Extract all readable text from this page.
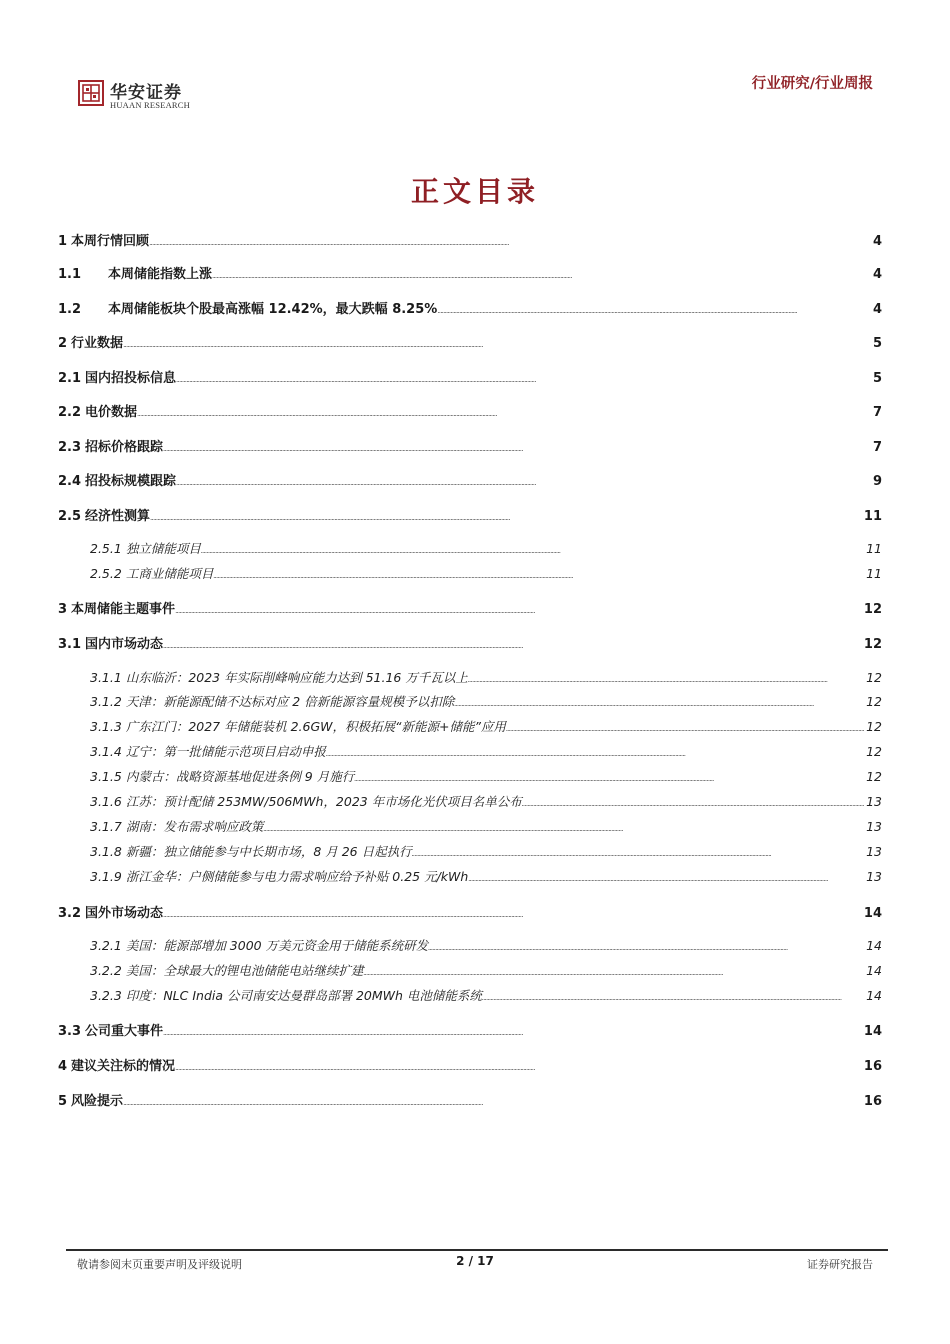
华安证券
HUAAN RESEARCH
行业研究/行业周报
正文目录
1 本周行情回顾 . . .	4
1.1	本周储能指数上涨 . . .	4
1.2	本周储能板块个股最高涨幅 12.42%，最大跌幅 8.25% . . .	4
2 行业数据 . . .	5
2.1 国内招投标信息 . . .	5
2.2 电价数据 . . .	7
2.3 招标价格跟踪 . . .	7
2.4 招投标规模跟踪 . . .	9
2.5 经济性测算 . . .	11
2.5.1 独立储能项目 . . .	11
2.5.2 工商业储能项目 . . .	11
3 本周储能主题事件 . . .	12
3.1 国内市场动态 . . .	12
3.1.1 山东临沂：2023 年实际削峰响应能力达到 51.16 万千瓦以上 . . .	12
3.1.2 天津：新能源配储不达标对应 2 倍新能源容量规模予以扣除 . . .	12
3.1.3 广东江门：2027 年储能装机 2.6GW，积极拓展“新能源+储能”应用 . . .	12
3.1.4 辽宁：第一批储能示范项目启动申报 . . .	12
3.1.5 内蒙古：战略资源基地促进条例 9 月施行 . . .	12
3.1.6 江苏：预计配储 253MW/506MWh，2023 年市场化光伏项目名单公布 . . .	13
3.1.7 湖南：发布需求响应政策 . . .	13
3.1.8 新疆：独立储能参与中长期市场，8 月 26 日起执行 . . .	13
3.1.9 浙江金华：户侧储能参与电力需求响应给予补贴 0.25 元/kWh . . .	13
3.2 国外市场动态 . . .	14
3.2.1 美国：能源部增加 3000 万美元资金用于储能系统研发 . . .	14
3.2.2 美国：全球最大的锂电池储能电站继续扩建 . . .	14
3.2.3 印度：NLC India 公司南安达曼群岛部署 20MWh 电池储能系统 . . .	14
3.3 公司重大事件 . . .	14
4 建议关注标的情况 . . .	16
5 风险提示 . . .	16
敬请参阅末页重要声明及评级说明	2 / 17	证券研究报告
